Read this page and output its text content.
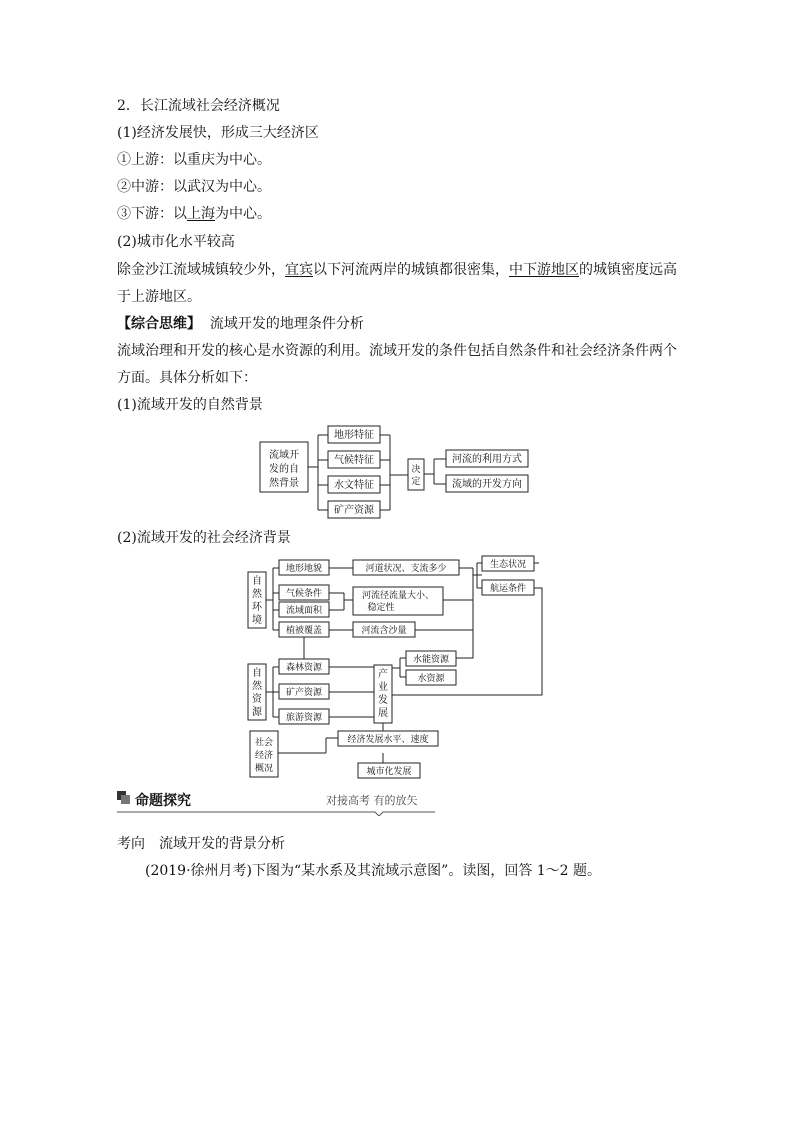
2．长江流域社会经济概况
(1)经济发展快，形成三大经济区
①上游：以重庆为中心。
②中游：以武汉为中心。
③下游：以上海为中心。
(2)城市化水平较高
除金沙江流域城镇较少外，宜宾以下河流两岸的城镇都很密集，中下游地区的城镇密度远高
于上游地区。
【综合思维】 流域开发的地理条件分析
流域治理和开发的核心是水资源的利用。流域开发的条件包括自然条件和社会经济条件两个
方面。具体分析如下：
(1)流域开发的自然背景
流域开
发的自
然背景
地形特征
气候特征
水文特征
矿产资源
决
定
河流的利用方式
流域的开发方向
(2)流域开发的社会经济背景
自
然
环
境
地形地貌
气候条件
流域面积
植被覆盖
河道状况、支流多少
河流径流量大小、
稳定性
河流含沙量
生态状况
航运条件
自
然
资
源
森林资源
矿产资源
旅游资源
产
业
发
展
水能资源
水资源
社会
经济
概况
经济发展水平、速度
城市化发展
命题探究	对接高考 有的放矢
考向　流域开发的背景分析
(2019·徐州月考)下图为“某水系及其流域示意图”。读图，回答 1～2 题。
